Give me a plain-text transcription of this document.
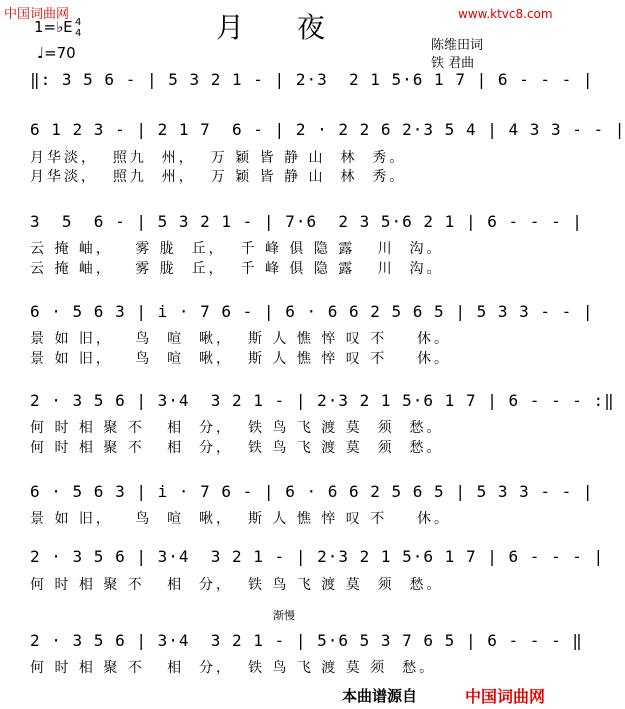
中国词曲网	www.ktvc8.com
月 夜
1=♭E 4
4
♩=70	陈维田词
铁 君曲
‖: 3 5 6 - | 5 3 2 1 - | 2·3  2 1 5·6 1 7 | 6 - - - |
6 1 2 3 - | 2 1 7  6 - | 2 · 2 2 6 2·3 5 4 | 4 3 3 - - |
月华淡，  照九  州，  万 颖 皆 静 山  林  秀。
月华淡，  照九  州，  万 颖 皆 静 山  林  秀。
3  5  6 - | 5 3 2 1 - | 7·6  2 3 5·6 2 1 | 6 - - - |
云 掩 岫，   雾 胧  丘，  千 峰 俱 隐 露   川  沟。
云 掩 岫，   雾 胧  丘，  千 峰 俱 隐 露   川  沟。
6 · 5 6 3 | i · 7 6 - | 6 · 6 6 2 5 6 5 | 5 3 3 - - |
景 如 旧，   鸟  喧  啾，  斯 人 憔 悴 叹 不    休。
景 如 旧，   鸟  喧  啾，  斯 人 憔 悴 叹 不    休。
2 · 3 5 6 | 3·4  3 2 1 - | 2·3 2 1 5·6 1 7 | 6 - - - :‖
何 时 相 聚 不   相  分，  铁 鸟 飞 渡 莫  须  愁。
何 时 相 聚 不   相  分，  铁 鸟 飞 渡 莫  须  愁。
6 · 5 6 3 | i · 7 6 - | 6 · 6 6 2 5 6 5 | 5 3 3 - - |
景 如 旧，   鸟  喧  啾，  斯 人 憔 悴 叹 不    休。
2 · 3 5 6 | 3·4  3 2 1 - | 2·3 2 1 5·6 1 7 | 6 - - - |
何 时 相 聚 不   相  分，  铁 鸟 飞 渡 莫  须  愁。
渐慢
2 · 3 5 6 | 3·4  3 2 1 - | 5·6 5 3 7 6 5 | 6 - - - ‖
何 时 相 聚 不   相  分，  铁 鸟 飞 渡 莫 须  愁。
本曲谱源自	中国词曲网
